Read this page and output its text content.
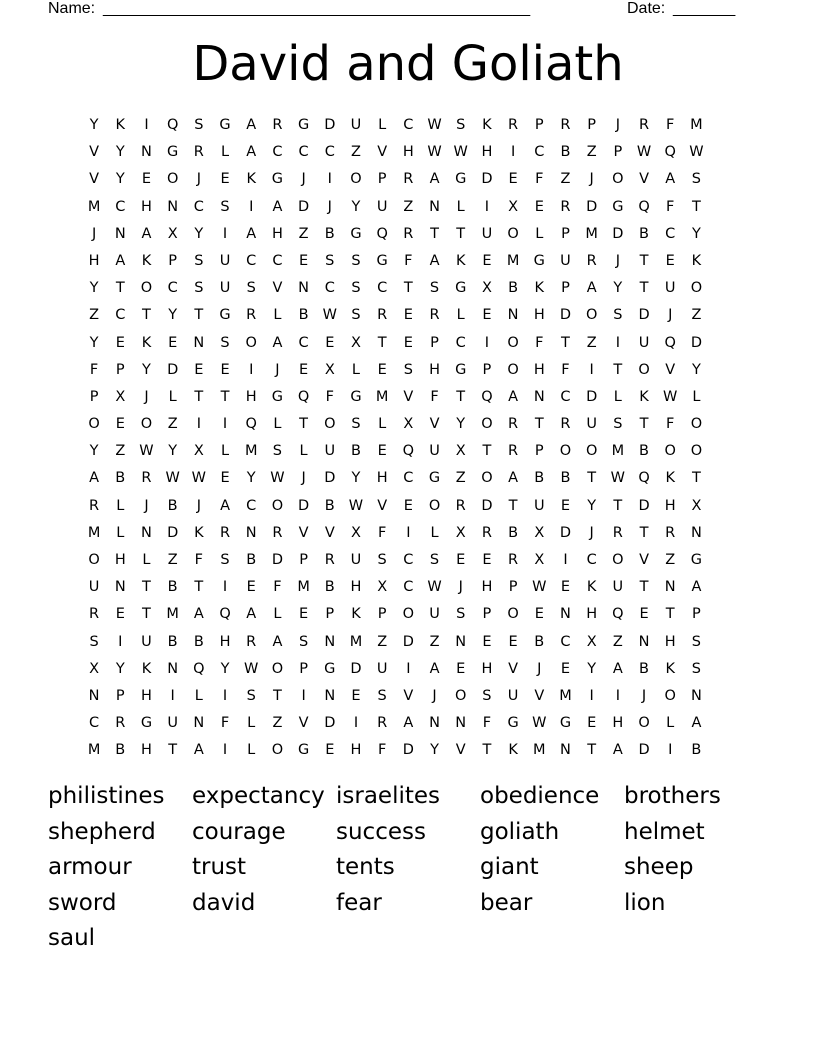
Name: ________________________________________________	Date: _______
David and Goliath
Y K I Q S G A R G D U L C W S K R P R P J R F M
V Y N G R L A C C C Z V H W W H I C B Z P W Q W
V Y E O J E K G J I O P R A G D E F Z J O V A S
M C H N C S I A D J Y U Z N L I X E R D G Q F T
J N A X Y I A H Z B G Q R T T U O L P M D B C Y
H A K P S U C C E S S G F A K E M G U R J T E K
Y T O C S U S V N C S C T S G X B K P A Y T U O
Z C T Y T G R L B W S R E R L E N H D O S D J Z
Y E K E N S O A C E X T E P C I O F T Z I U Q D
F P Y D E E I J E X L E S H G P O H F I T O V Y
P X J L T T H G Q F G M V F T Q A N C D L K W L
O E O Z I I Q L T O S L X V Y O R T R U S T F O
Y Z W Y X L M S L U B E Q U X T R P O O M B O O
A B R W W E Y W J D Y H C G Z O A B B T W Q K T
R L J B J A C O D B W V E O R D T U E Y T D H X
M L N D K R N R V V X F I L X R B X D J R T R N
O H L Z F S B D P R U S C S E E R X I C O V Z G
U N T B T I E F M B H X C W J H P W E K U T N A
R E T M A Q A L E P K P O U S P O E N H Q E T P
S I U B B H R A S N M Z D Z N E E B C X Z N H S
X Y K N Q Y W O P G D U I A E H V J E Y A B K S
N P H I L I S T I N E S V J O S U V M I I J O N
C R G U N F L Z V D I R A N N F G W G E H O L A
M B H T A I L O G E H F D Y V T K M N T A D I B
philistines	expectancy israelites	obedience	brothers
shepherd	courage	success	goliath	helmet
armour	trust	tents	giant	sheep
sword	david	fear	bear	lion
saul
